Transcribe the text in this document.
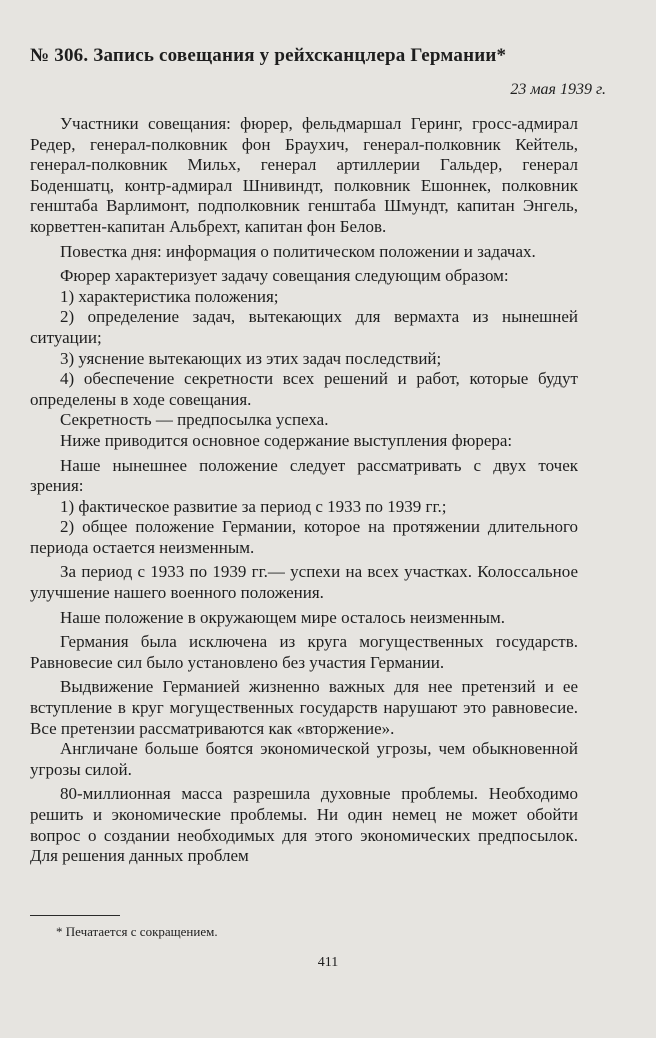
№ 306. Запись совещания у рейхсканцлера Германии*
23 мая 1939 г.

Участники совещания: фюрер, фельдмаршал Геринг, гросс-адмирал Редер, генерал-полковник фон Браухич, генерал-полковник Кейтель, генерал-полковник Мильх, генерал артиллерии Гальдер, генерал Боденшатц, контр-адмирал Шнивиндт, полковник Ешоннек, полковник генштаба Варлимонт, подполковник генштаба Шмундт, капитан Энгель, корветтен-капитан Альбрехт, капитан фон Белов.

Повестка дня: информация о политическом положении и задачах.

Фюрер характеризует задачу совещания следующим образом:

1) характеристика положения;

2) определение задач, вытекающих для вермахта из нынешней ситуации;

3) уяснение вытекающих из этих задач последствий;

4) обеспечение секретности всех решений и работ, которые будут определены в ходе совещания.

Секретность — предпосылка успеха.

Ниже приводится основное содержание выступления фюрера:

Наше нынешнее положение следует рассматривать с двух точек зрения:

1) фактическое развитие за период с 1933 по 1939 гг.;

2) общее положение Германии, которое на протяжении длительного периода остается неизменным.

За период с 1933 по 1939 гг.— успехи на всех участках. Колоссальное улучшение нашего военного положения.

Наше положение в окружающем мире осталось неизменным.

Германия была исключена из круга могущественных государств. Равновесие сил было установлено без участия Германии.

Выдвижение Германией жизненно важных для нее претензий и ее вступление в круг могущественных государств нарушают это равновесие. Все претензии рассматриваются как «вторжение».

Англичане больше боятся экономической угрозы, чем обыкновенной угрозы силой.

80-миллионная масса разрешила духовные проблемы. Необходимо решить и экономические проблемы. Ни один немец не может обойти вопрос о создании необходимых для этого экономических предпосылок. Для решения данных проблем

* Печатается с сокращением.
411
